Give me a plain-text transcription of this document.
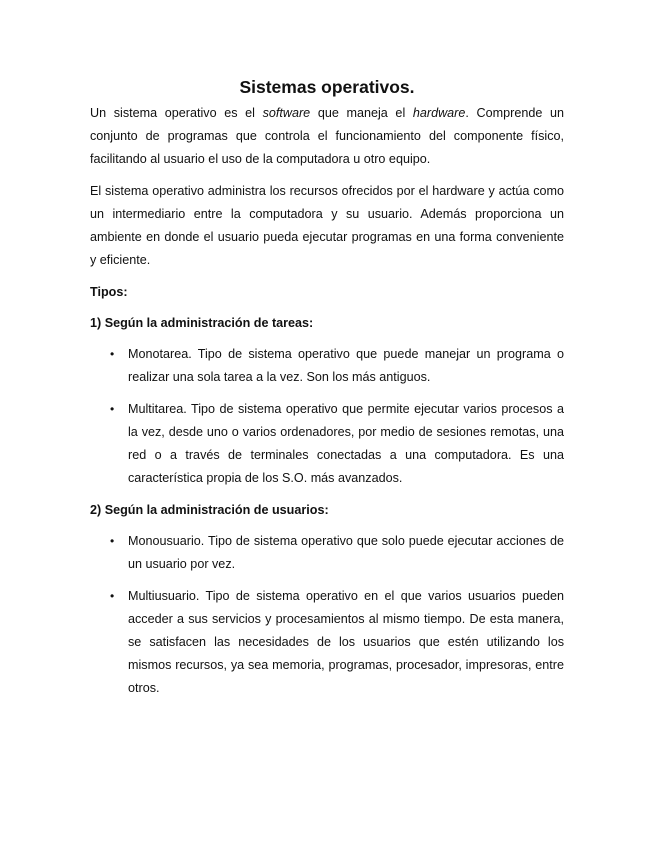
Sistemas operativos.

Un sistema operativo es el software que maneja el hardware. Comprende un conjunto de programas que controla el funcionamiento del componente físico, facilitando al usuario el uso de la computadora u otro equipo.

El sistema operativo administra los recursos ofrecidos por el hardware y actúa como un intermediario entre la computadora y su usuario. Además proporciona un ambiente en donde el usuario pueda ejecutar programas en una forma conveniente y eficiente.

Tipos:
1) Según la administración de tareas:
• Monotarea. Tipo de sistema operativo que puede manejar un programa o realizar una sola tarea a la vez. Son los más antiguos.
• Multitarea. Tipo de sistema operativo que permite ejecutar varios procesos a la vez, desde uno o varios ordenadores, por medio de sesiones remotas, una red o a través de terminales conectadas a una computadora. Es una característica propia de los S.O. más avanzados.
2) Según la administración de usuarios:
• Monousuario. Tipo de sistema operativo que solo puede ejecutar acciones de un usuario por vez.
• Multiusuario. Tipo de sistema operativo en el que varios usuarios pueden acceder a sus servicios y procesamientos al mismo tiempo. De esta manera, se satisfacen las necesidades de los usuarios que estén utilizando los mismos recursos, ya sea memoria, programas, procesador, impresoras, entre otros.
